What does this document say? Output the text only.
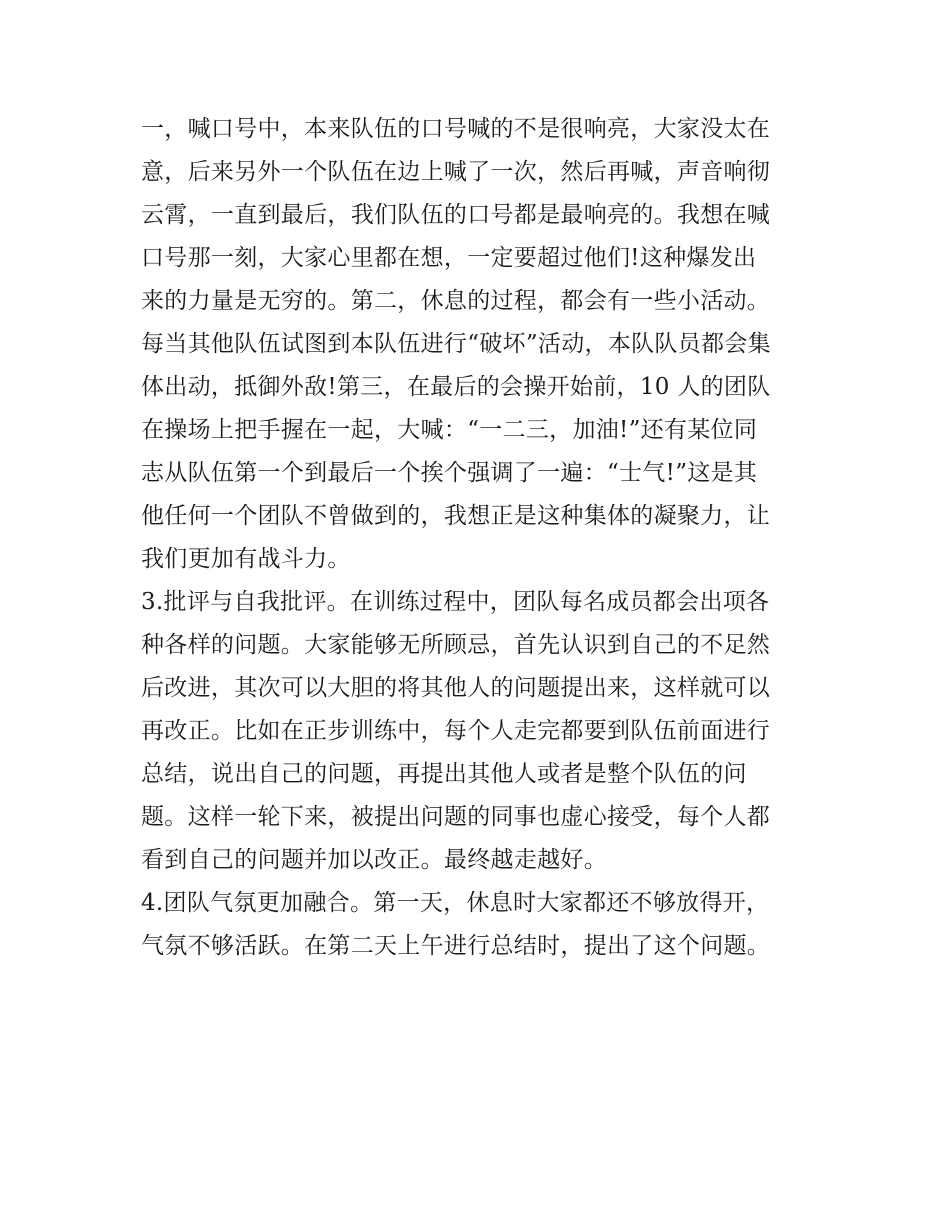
一，喊口号中，本来队伍的口号喊的不是很响亮，大家没太在
意，后来另外一个队伍在边上喊了一次，然后再喊，声音响彻
云霄，一直到最后，我们队伍的口号都是最响亮的。我想在喊
口号那一刻，大家心里都在想，一定要超过他们!这种爆发出
来的力量是无穷的。第二，休息的过程，都会有一些小活动。
每当其他队伍试图到本队伍进行“破坏”活动，本队队员都会集
体出动，抵御外敌!第三，在最后的会操开始前，10 人的团队
在操场上把手握在一起，大喊：“一二三，加油!”还有某位同
志从队伍第一个到最后一个挨个强调了一遍：“士气!”这是其
他任何一个团队不曾做到的，我想正是这种集体的凝聚力，让
我们更加有战斗力。
3.批评与自我批评。在训练过程中，团队每名成员都会出项各
种各样的问题。大家能够无所顾忌，首先认识到自己的不足然
后改进，其次可以大胆的将其他人的问题提出来，这样就可以
再改正。比如在正步训练中，每个人走完都要到队伍前面进行
总结，说出自己的问题，再提出其他人或者是整个队伍的问
题。这样一轮下来，被提出问题的同事也虚心接受，每个人都
看到自己的问题并加以改正。最终越走越好。
4.团队气氛更加融合。第一天，休息时大家都还不够放得开，
气氛不够活跃。在第二天上午进行总结时，提出了这个问题。
